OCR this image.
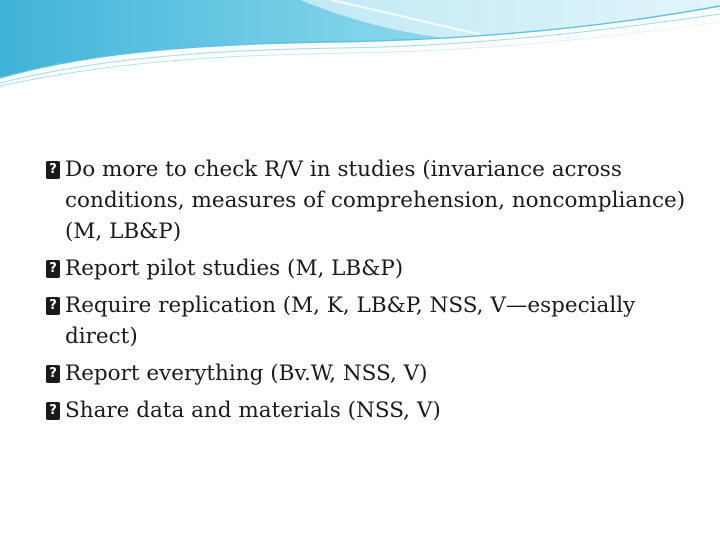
?
Do more to check R/V in studies (invariance across conditions, measures of comprehension, noncompliance) (M, LB&P)
?
Report pilot studies (M, LB&P)
?
Require replication (M, K, LB&P, NSS, V—especially direct)
?
Report everything (Bv.W, NSS, V)
?
Share data and materials (NSS, V)
